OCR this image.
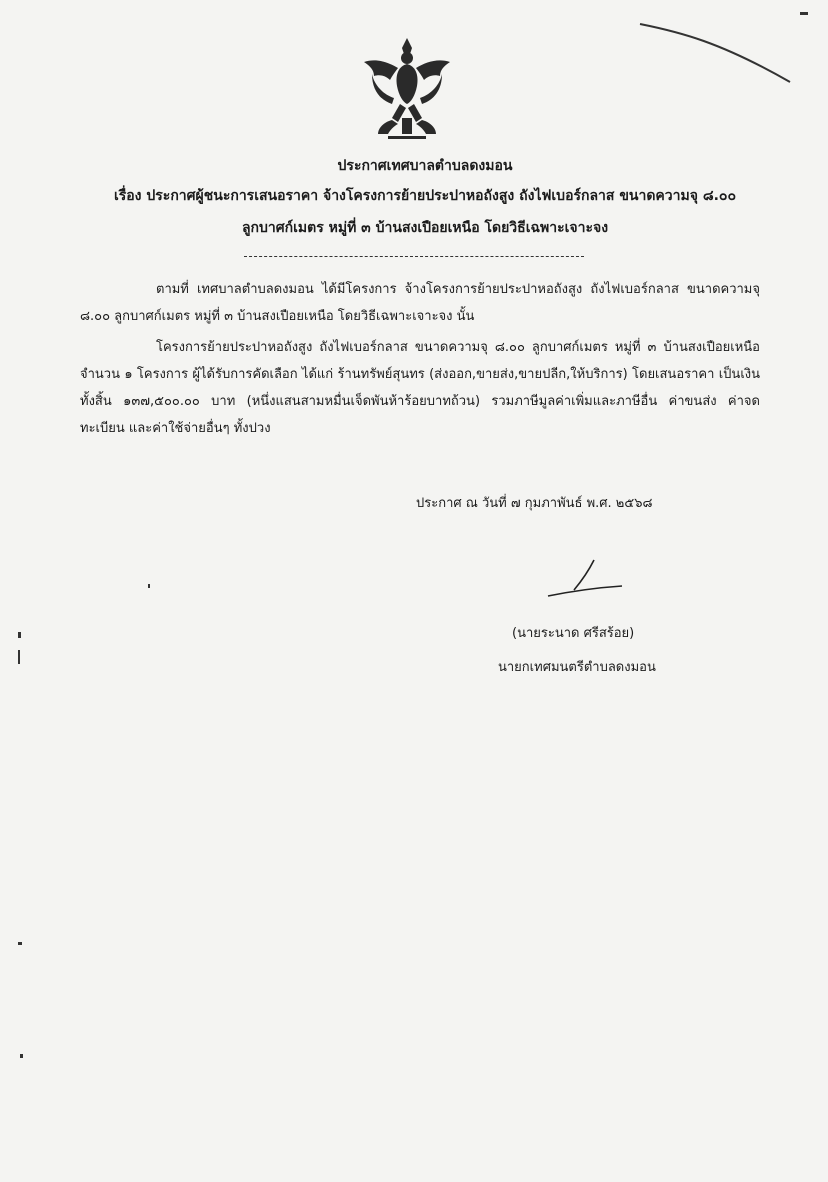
ประกาศเทศบาลตำบลดงมอน
เรื่อง ประกาศผู้ชนะการเสนอราคา จ้างโครงการย้ายประปาหอถังสูง ถังไฟเบอร์กลาส ขนาดความจุ ๘.๐๐
ลูกบาศก์เมตร หมู่ที่ ๓ บ้านสงเปือยเหนือ โดยวิธีเฉพาะเจาะจง
ตามที่ เทศบาลตำบลดงมอน ได้มีโครงการ จ้างโครงการย้ายประปาหอถังสูง ถังไฟเบอร์กลาส ขนาดความจุ ๘.๐๐ ลูกบาศก์เมตร หมู่ที่ ๓ บ้านสงเปือยเหนือ โดยวิธีเฉพาะเจาะจง นั้น
โครงการย้ายประปาหอถังสูง ถังไฟเบอร์กลาส ขนาดความจุ ๘.๐๐ ลูกบาศก์เมตร หมู่ที่ ๓ บ้านสงเปือยเหนือ จำนวน ๑ โครงการ ผู้ได้รับการคัดเลือก ได้แก่ ร้านทรัพย์สุนทร (ส่งออก,ขายส่ง,ขายปลีก,ให้บริการ) โดยเสนอราคา เป็นเงินทั้งสิ้น ๑๓๗,๕๐๐.๐๐ บาท (หนึ่งแสนสามหมื่นเจ็ดพันห้าร้อยบาทถ้วน) รวมภาษีมูลค่าเพิ่มและภาษีอื่น ค่าขนส่ง ค่าจดทะเบียน และค่าใช้จ่ายอื่นๆ ทั้งปวง
ประกาศ ณ วันที่ ๗ กุมภาพันธ์ พ.ศ. ๒๕๖๘
(นายระนาด ศรีสร้อย)
นายกเทศมนตรีตำบลดงมอน
